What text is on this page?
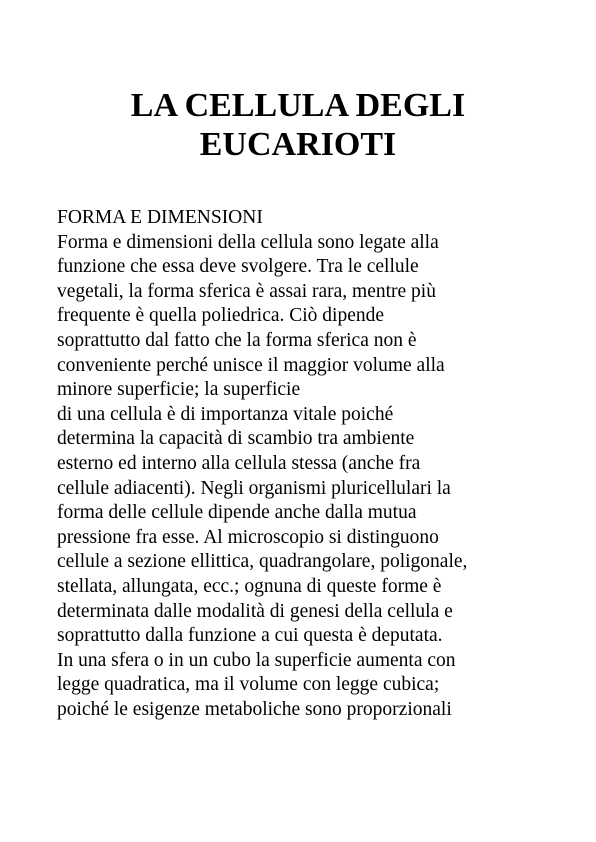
LA CELLULA DEGLI
EUCARIOTI
FORMA E DIMENSIONI
Forma e dimensioni della cellula sono legate alla
funzione che essa deve svolgere. Tra le cellule
vegetali, la forma sferica è assai rara, mentre più
frequente è quella poliedrica. Ciò dipende
soprattutto dal fatto che la forma sferica non è
conveniente perché unisce il maggior volume alla
minore superficie; la superficie
di una cellula è di importanza vitale poiché
determina la capacità di scambio tra ambiente
esterno ed interno alla cellula stessa (anche fra
cellule adiacenti). Negli organismi pluricellulari la
forma delle cellule dipende anche dalla mutua
pressione fra esse. Al microscopio si distinguono
cellule a sezione ellittica, quadrangolare, poligonale,
stellata, allungata, ecc.; ognuna di queste forme è
determinata dalle modalità di genesi della cellula e
soprattutto dalla funzione a cui questa è deputata.
In una sfera o in un cubo la superficie aumenta con
legge quadratica, ma il volume con legge cubica;
poiché le esigenze metaboliche sono proporzionali
